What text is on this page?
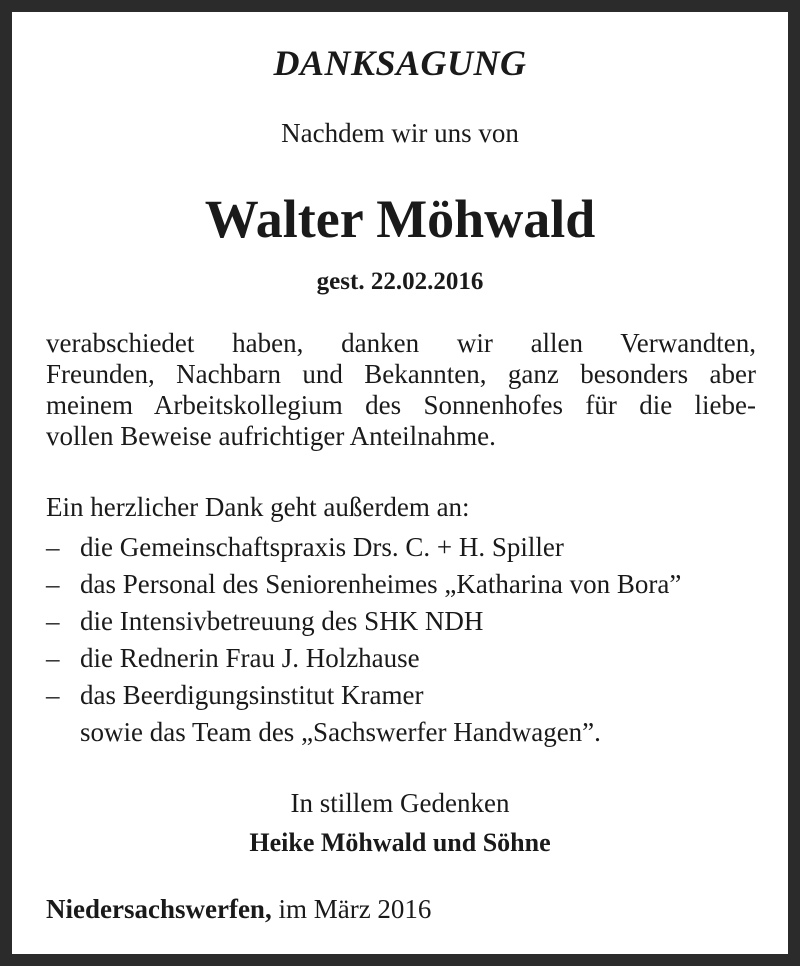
DANKSAGUNG

Nachdem wir uns von

Walter Möhwald

gest. 22.02.2016

verabschiedet haben, danken wir allen Verwandten,
Freunden, Nachbarn und Bekannten, ganz besonders aber
meinem Arbeitskollegium des Sonnenhofes für die liebe-
vollen Beweise aufrichtiger Anteilnahme.

Ein herzlicher Dank geht außerdem an:

– die Gemeinschaftspraxis Drs. C. + H. Spiller
– das Personal des Seniorenheimes „Katharina von Bora”
– die Intensivbetreuung des SHK NDH
– die Rednerin Frau J. Holzhause
– das Beerdigungsinstitut Kramer
sowie das Team des „Sachswerfer Handwagen”.

In stillem Gedenken

Heike Möhwald und Söhne

Niedersachswerfen, im März 2016
